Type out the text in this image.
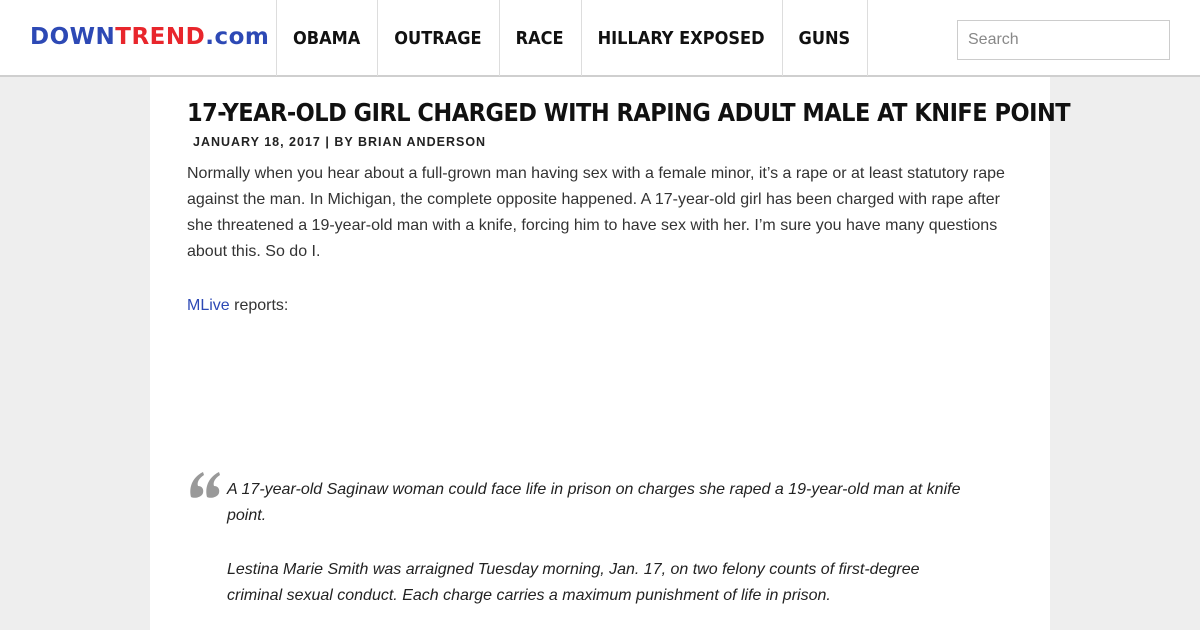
DOWNTREND.com	OBAMA	OUTRAGE	RACE	HILLARY EXPOSED	GUNS
Search
17-YEAR-OLD GIRL CHARGED WITH RAPING ADULT MALE AT KNIFE POINT
JANUARY 18, 2017 | BY BRIAN ANDERSON

Normally when you hear about a full-grown man having sex with a female minor, it’s a rape or at least statutory rape against the man. In Michigan, the complete opposite happened. A 17-year-old girl has been charged with rape after she threatened a 19-year-old man with a knife, forcing him to have sex with her. I’m sure you have many questions about this. So do I.

MLive reports:

A 17-year-old Saginaw woman could face life in prison on charges she raped a 19-year-old man at knife point.

Lestina Marie Smith was arraigned Tuesday morning, Jan. 17, on two felony counts of first-degree criminal sexual conduct. Each charge carries a maximum punishment of life in prison.
